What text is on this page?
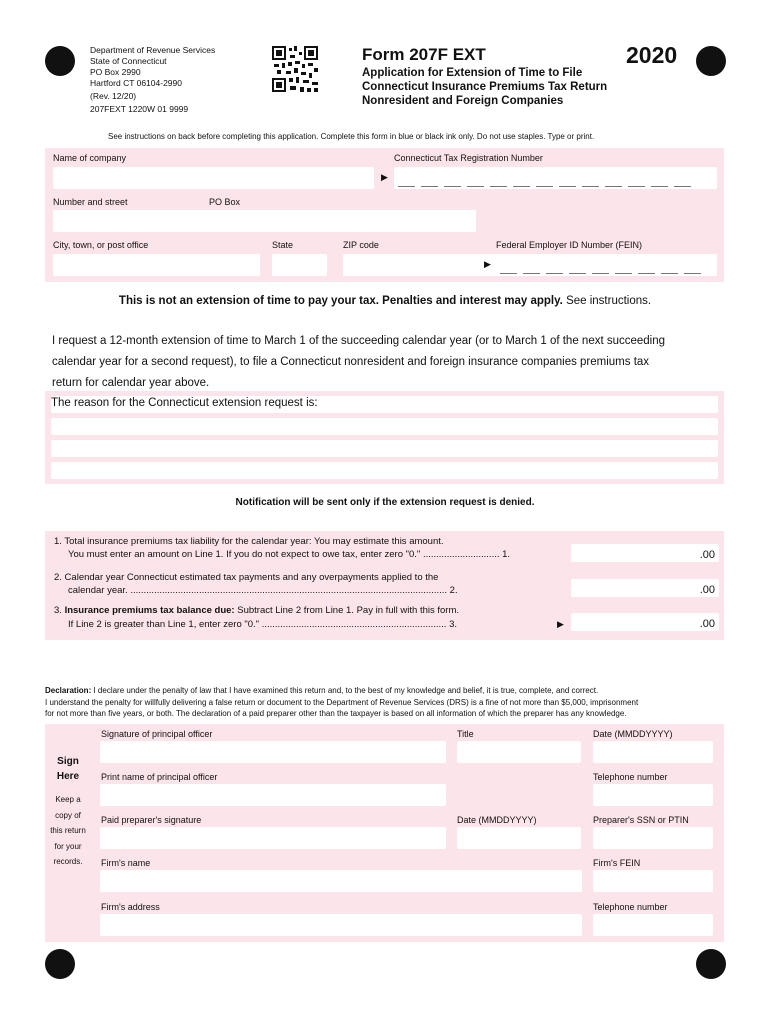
Department of Revenue Services
State of Connecticut
PO Box 2990
Hartford CT 06104-2990
(Rev. 12/20)
207FEXT 1220W 01 9999
Form 207F EXT	2020
Application for Extension of Time to File
Connecticut Insurance Premiums Tax Return
Nonresident and Foreign Companies
See instructions on back before completing this application. Complete this form in blue or black ink only. Do not use staples. Type or print.
Name of company
▶
Connecticut Tax Registration Number
Number and street	PO Box
City, town, or post office	State	ZIP code	Federal Employer ID Number (FEIN)
▶
This is not an extension of time to pay your tax. Penalties and interest may apply. See instructions.
I request a 12-month extension of time to March 1 of the succeeding calendar year (or to March 1 of the next succeeding
calendar year for a second request), to file a Connecticut nonresident and foreign insurance companies premiums tax
return for calendar year above.
The reason for the Connecticut extension request is:
Notification will be sent only if the extension request is denied.
1. Total insurance premiums tax liability for the calendar year: You may estimate this amount.
You must enter an amount on Line 1. If you do not expect to owe tax, enter zero "0." ............................. 1.	.00
2. Calendar year Connecticut estimated tax payments and any overpayments applied to the
calendar year. ........................................................................................................................ 2.	.00
3. Insurance premiums tax balance due: Subtract Line 2 from Line 1. Pay in full with this form.
If Line 2 is greater than Line 1, enter zero "0." ...................................................................... 3.	▶	.00
Declaration: I declare under the penalty of law that I have examined this return and, to the best of my knowledge and belief, it is true, complete, and correct.
I understand the penalty for willfully delivering a false return or document to the Department of Revenue Services (DRS) is a fine of not more than $5,000, imprisonment
for not more than five years, or both. The declaration of a paid preparer other than the taxpayer is based on all information of which the preparer has any knowledge.
Sign
Here
Keep a
copy of
this return
for your
records.
Signature of principal officer	Title	Date (MMDDYYYY)
Print name of principal officer	Telephone number
Paid preparer's signature	Date (MMDDYYYY)	Preparer's SSN or PTIN
Firm's name	Firm's FEIN
Firm's address	Telephone number
